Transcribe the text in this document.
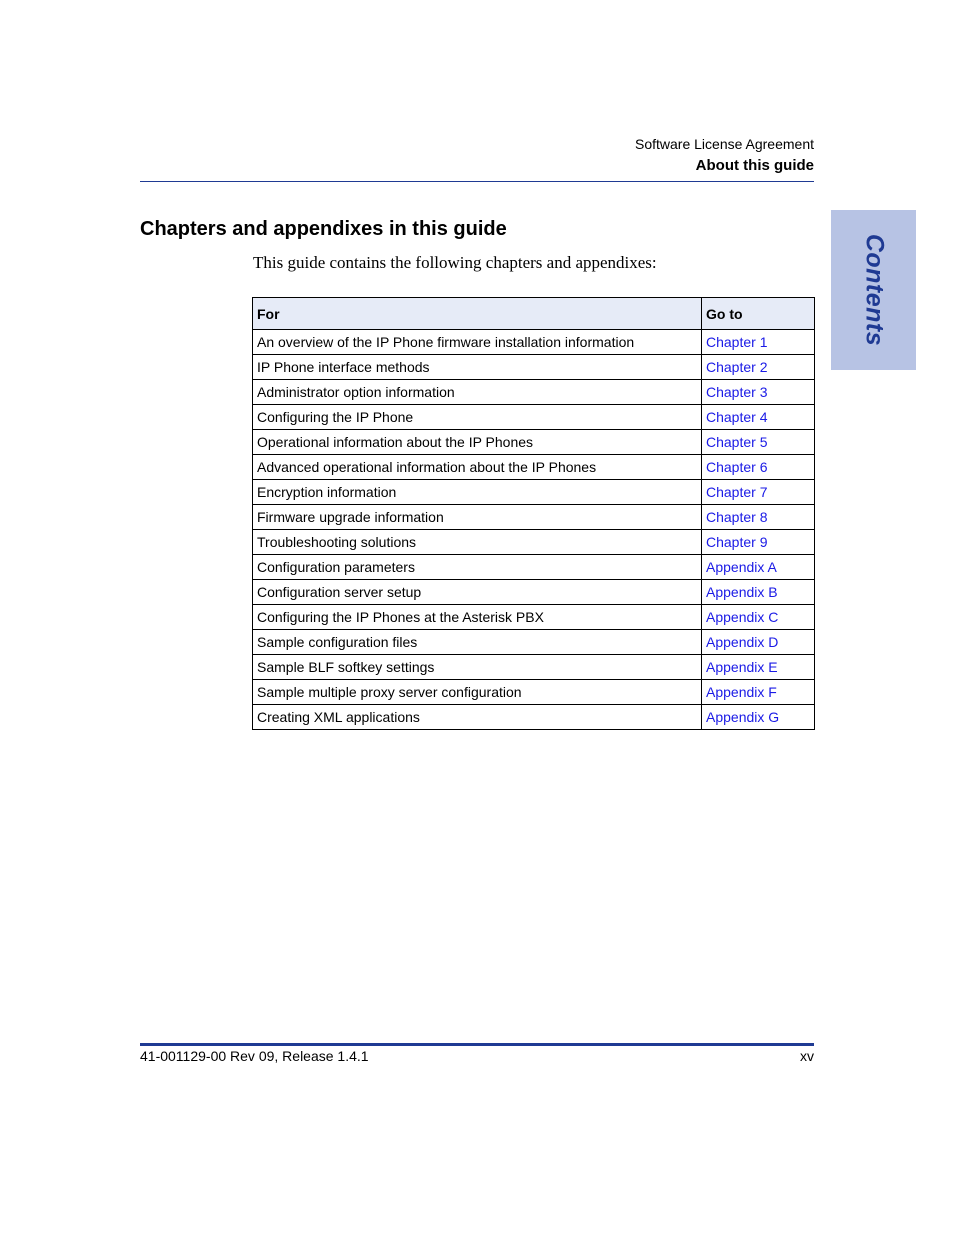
Software License Agreement
About this guide
Contents
Chapters and appendixes in this guide

This guide contains the following chapters and appendixes:

For	Go to
An overview of the IP Phone firmware installation information	Chapter 1
IP Phone interface methods	Chapter 2
Administrator option information	Chapter 3
Configuring the IP Phone	Chapter 4
Operational information about the IP Phones	Chapter 5
Advanced operational information about the IP Phones	Chapter 6
Encryption information	Chapter 7
Firmware upgrade information	Chapter 8
Troubleshooting solutions	Chapter 9
Configuration parameters	Appendix A
Configuration server setup	Appendix B
Configuring the IP Phones at the Asterisk PBX	Appendix C
Sample configuration files	Appendix D
Sample BLF softkey settings	Appendix E
Sample multiple proxy server configuration	Appendix F
Creating XML applications	Appendix G
41-001129-00 Rev 09, Release 1.4.1	xv
